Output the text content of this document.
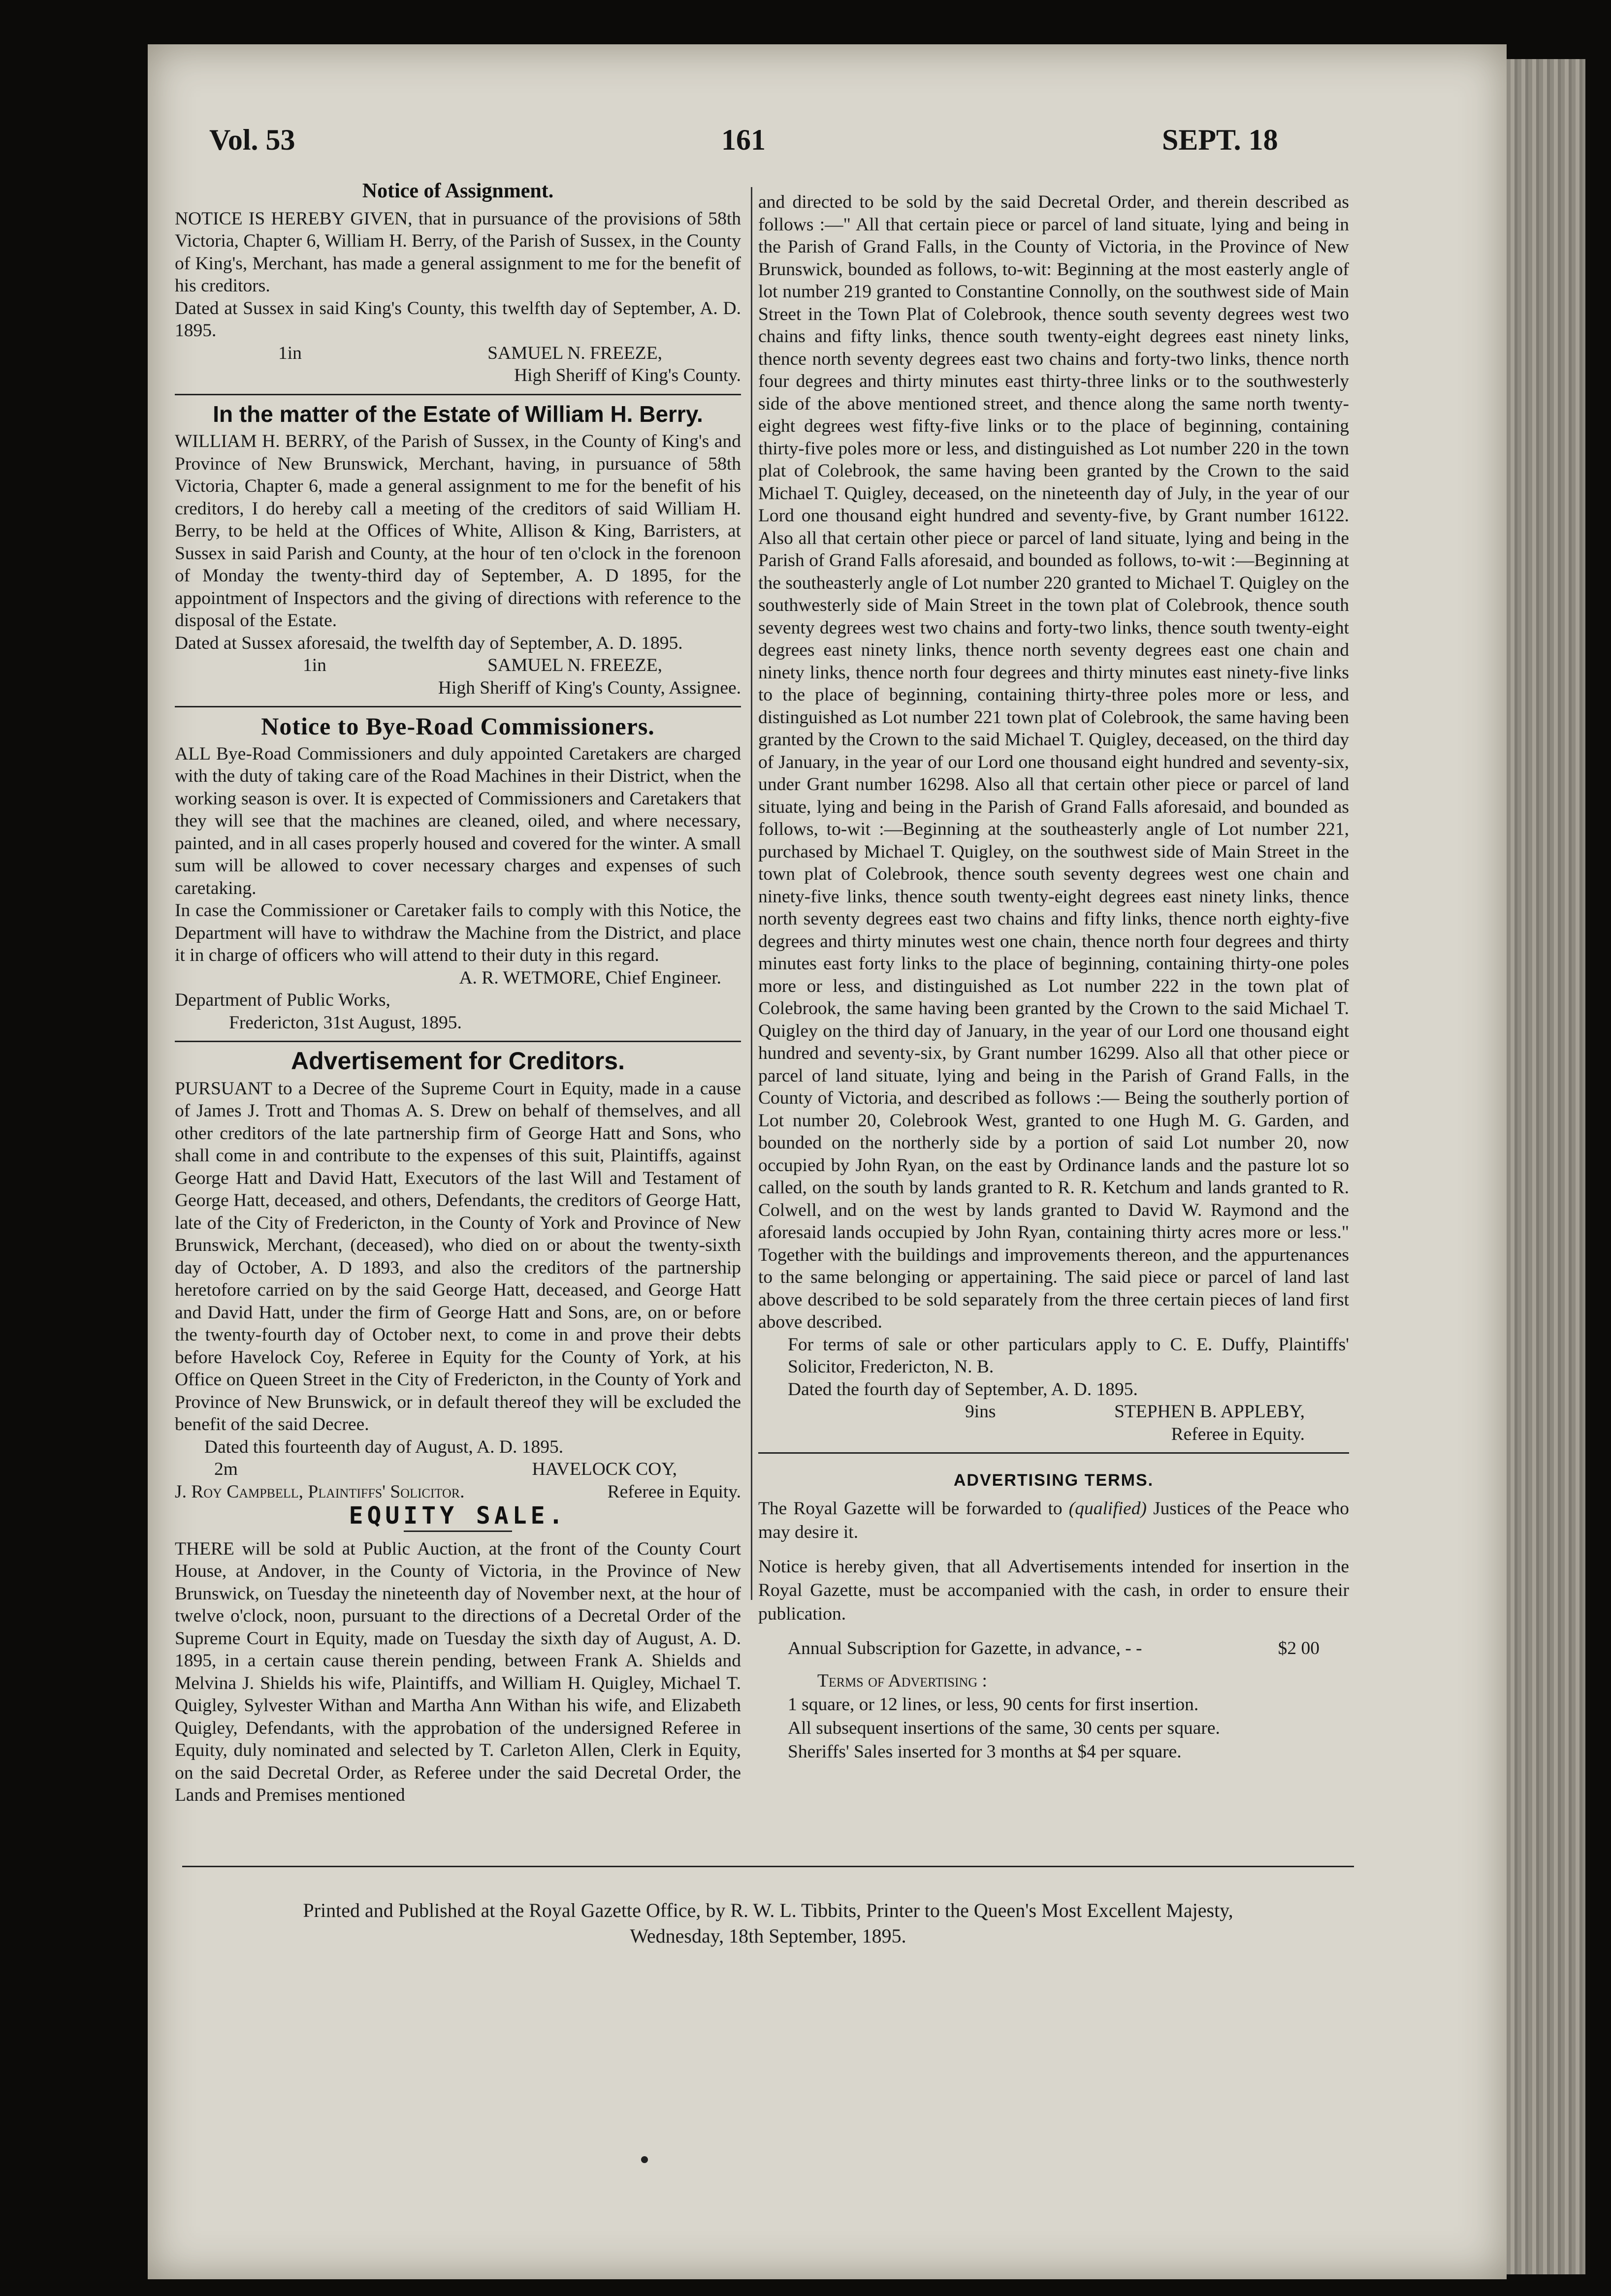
Vol. 53	161	SEPT. 18
Notice of Assignment.

NOTICE IS HEREBY GIVEN, that in pursuance of the provisions of 58th Victoria, Chapter 6, William H. Berry, of the Parish of Sussex, in the County of King's, Merchant, has made a general assignment to me for the benefit of his creditors.

Dated at Sussex in said King's County, this twelfth day of September, A. D. 1895.

1in	SAMUEL N. FREEZE,
High Sheriff of King's County.
In the matter of the Estate of William H. Berry.

WILLIAM H. BERRY, of the Parish of Sussex, in the County of King's and Province of New Brunswick, Merchant, having, in pursuance of 58th Victoria, Chapter 6, made a general assignment to me for the benefit of his creditors, I do hereby call a meeting of the creditors of said William H. Berry, to be held at the Offices of White, Allison & King, Barristers, at Sussex in said Parish and County, at the hour of ten o'clock in the forenoon of Monday the twenty-third day of September, A. D 1895, for the appointment of Inspectors and the giving of directions with reference to the disposal of the Estate.

Dated at Sussex aforesaid, the twelfth day of September, A. D. 1895.

1in	SAMUEL N. FREEZE,
High Sheriff of King's County, Assignee.
Notice to Bye-Road Commissioners.

ALL Bye-Road Commissioners and duly appointed Caretakers are charged with the duty of taking care of the Road Machines in their District, when the working season is over. It is expected of Commissioners and Caretakers that they will see that the machines are cleaned, oiled, and where necessary, painted, and in all cases properly housed and covered for the winter. A small sum will be allowed to cover necessary charges and expenses of such caretaking.

In case the Commissioner or Caretaker fails to comply with this Notice, the Department will have to withdraw the Machine from the District, and place it in charge of officers who will attend to their duty in this regard.

A. R. WETMORE, Chief Engineer.
Department of Public Works,
Fredericton, 31st August, 1895.
Advertisement for Creditors.

PURSUANT to a Decree of the Supreme Court in Equity, made in a cause of James J. Trott and Thomas A. S. Drew on behalf of themselves, and all other creditors of the late partnership firm of George Hatt and Sons, who shall come in and contribute to the expenses of this suit, Plaintiffs, against George Hatt and David Hatt, Executors of the last Will and Testament of George Hatt, deceased, and others, Defendants, the creditors of George Hatt, late of the City of Fredericton, in the County of York and Province of New Brunswick, Merchant, (deceased), who died on or about the twenty-sixth day of October, A. D 1893, and also the creditors of the partnership heretofore carried on by the said George Hatt, deceased, and George Hatt and David Hatt, under the firm of George Hatt and Sons, are, on or before the twenty-fourth day of October next, to come in and prove their debts before Havelock Coy, Referee in Equity for the County of York, at his Office on Queen Street in the City of Fredericton, in the County of York and Province of New Brunswick, or in default thereof they will be excluded the benefit of the said Decree.

Dated this fourteenth day of August, A. D. 1895.

2m	HAVELOCK COY,
J. Roy Campbell, Plaintiffs' Solicitor.	Referee in Equity.
EQUITY SALE.

THERE will be sold at Public Auction, at the front of the County Court House, at Andover, in the County of Victoria, in the Province of New Brunswick, on Tuesday the nineteenth day of November next, at the hour of twelve o'clock, noon, pursuant to the directions of a Decretal Order of the Supreme Court in Equity, made on Tuesday the sixth day of August, A. D. 1895, in a certain cause therein pending, between Frank A. Shields and Melvina J. Shields his wife, Plaintiffs, and William H. Quigley, Michael T. Quigley, Sylvester Withan and Martha Ann Withan his wife, and Elizabeth Quigley, Defendants, with the approbation of the undersigned Referee in Equity, duly nominated and selected by T. Carleton Allen, Clerk in Equity, on the said Decretal Order, as Referee under the said Decretal Order, the Lands and Premises mentioned

and directed to be sold by the said Decretal Order, and therein described as follows :—" All that certain piece or parcel of land situate, lying and being in the Parish of Grand Falls, in the County of Victoria, in the Province of New Brunswick, bounded as follows, to-wit: Beginning at the most easterly angle of lot number 219 granted to Constantine Connolly, on the southwest side of Main Street in the Town Plat of Colebrook, thence south seventy degrees west two chains and fifty links, thence south twenty-eight degrees east ninety links, thence north seventy degrees east two chains and forty-two links, thence north four degrees and thirty minutes east thirty-three links or to the southwesterly side of the above mentioned street, and thence along the same north twenty-eight degrees west fifty-five links or to the place of beginning, containing thirty-five poles more or less, and distinguished as Lot number 220 in the town plat of Colebrook, the same having been granted by the Crown to the said Michael T. Quigley, deceased, on the nineteenth day of July, in the year of our Lord one thousand eight hundred and seventy-five, by Grant number 16122. Also all that certain other piece or parcel of land situate, lying and being in the Parish of Grand Falls aforesaid, and bounded as follows, to-wit :—Beginning at the southeasterly angle of Lot number 220 granted to Michael T. Quigley on the southwesterly side of Main Street in the town plat of Colebrook, thence south seventy degrees west two chains and forty-two links, thence south twenty-eight degrees east ninety links, thence north seventy degrees east one chain and ninety links, thence north four degrees and thirty minutes east ninety-five links to the place of beginning, containing thirty-three poles more or less, and distinguished as Lot number 221 town plat of Colebrook, the same having been granted by the Crown to the said Michael T. Quigley, deceased, on the third day of January, in the year of our Lord one thousand eight hundred and seventy-six, under Grant number 16298. Also all that certain other piece or parcel of land situate, lying and being in the Parish of Grand Falls aforesaid, and bounded as follows, to-wit :—Beginning at the southeasterly angle of Lot number 221, purchased by Michael T. Quigley, on the southwest side of Main Street in the town plat of Colebrook, thence south seventy degrees west one chain and ninety-five links, thence south twenty-eight degrees east ninety links, thence north seventy degrees east two chains and fifty links, thence north eighty-five degrees and thirty minutes west one chain, thence north four degrees and thirty minutes east forty links to the place of beginning, containing thirty-one poles more or less, and distinguished as Lot number 222 in the town plat of Colebrook, the same having been granted by the Crown to the said Michael T. Quigley on the third day of January, in the year of our Lord one thousand eight hundred and seventy-six, by Grant number 16299. Also all that other piece or parcel of land situate, lying and being in the Parish of Grand Falls, in the County of Victoria, and described as follows :— Being the southerly portion of Lot number 20, Colebrook West, granted to one Hugh M. G. Garden, and bounded on the northerly side by a portion of said Lot number 20, now occupied by John Ryan, on the east by Ordinance lands and the pasture lot so called, on the south by lands granted to R. R. Ketchum and lands granted to R. Colwell, and on the west by lands granted to David W. Raymond and the aforesaid lands occupied by John Ryan, containing thirty acres more or less." Together with the buildings and improvements thereon, and the appurtenances to the same belonging or appertaining. The said piece or parcel of land last above described to be sold separately from the three certain pieces of land first above described.

For terms of sale or other particulars apply to C. E. Duffy, Plaintiffs' Solicitor, Fredericton, N. B.

Dated the fourth day of September, A. D. 1895.

9ins	STEPHEN B. APPLEBY,
Referee in Equity.
ADVERTISING TERMS.

The Royal Gazette will be forwarded to (qualified) Justices of the Peace who may desire it.

Notice is hereby given, that all Advertisements intended for insertion in the Royal Gazette, must be accompanied with the cash, in order to ensure their publication.

Annual Subscription for Gazette, in advance, - -	$2 00

Terms of Advertising :

1 square, or 12 lines, or less, 90 cents for first insertion.

All subsequent insertions of the same, 30 cents per square.

Sheriffs' Sales inserted for 3 months at $4 per square.

Printed and Published at the Royal Gazette Office, by R. W. L. Tibbits, Printer to the Queen's Most Excellent Majesty,
Wednesday, 18th September, 1895.
